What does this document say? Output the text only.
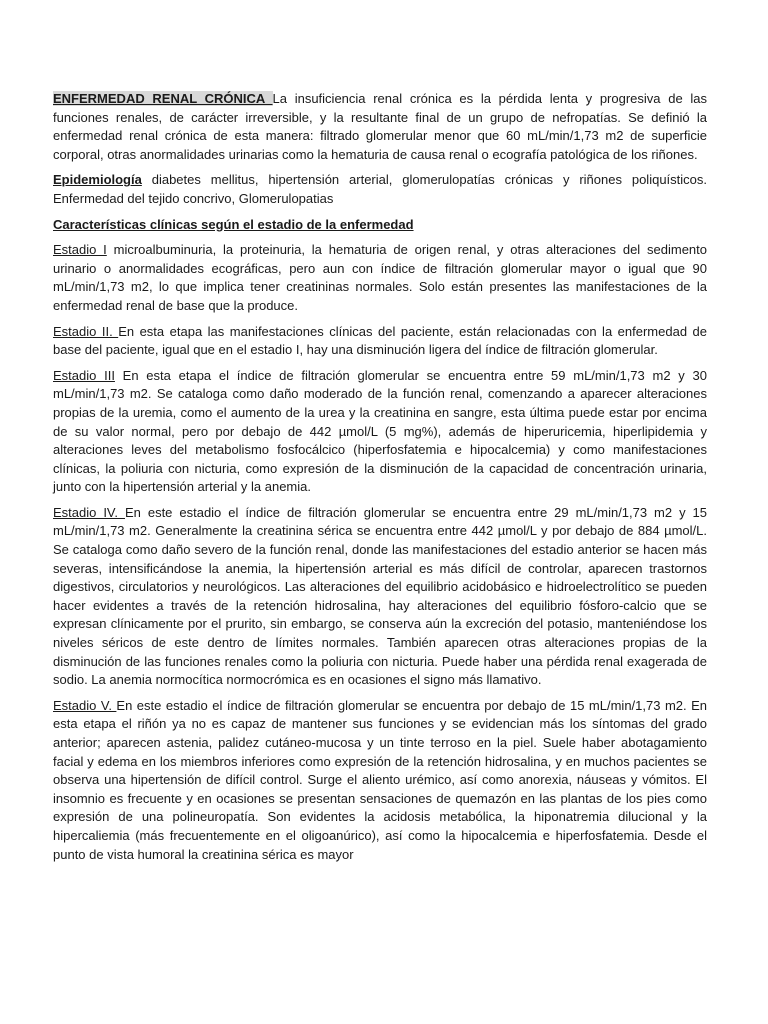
ENFERMEDAD RENAL CRÓNICA La insuficiencia renal crónica es la pérdida lenta y progresiva de las funciones renales, de carácter irreversible, y la resultante final de un grupo de nefropatías. Se definió la enfermedad renal crónica de esta manera: filtrado glomerular menor que 60 mL/min/1,73 m2 de superficie corporal, otras anormalidades urinarias como la hematuria de causa renal o ecografía patológica de los riñones.

Epidemiología diabetes mellitus, hipertensión arterial, glomerulopatías crónicas y riñones poliquísticos. Enfermedad del tejido concrivo, Glomerulopatias

Características clínicas según el estadio de la enfermedad

Estadio I microalbuminuria, la proteinuria, la hematuria de origen renal, y otras alteraciones del sedimento urinario o anormalidades ecográficas, pero aun con índice de filtración glomerular mayor o igual que 90 mL/min/1,73 m2, lo que implica tener creatininas normales. Solo están presentes las manifestaciones de la enfermedad renal de base que la produce.

Estadio II. En esta etapa las manifestaciones clínicas del paciente, están relacionadas con la enfermedad de base del paciente, igual que en el estadio I, hay una disminución ligera del índice de filtración glomerular.

Estadio III En esta etapa el índice de filtración glomerular se encuentra entre 59 mL/min/1,73 m2 y 30 mL/min/1,73 m2. Se cataloga como daño moderado de la función renal, comenzando a aparecer alteraciones propias de la uremia, como el aumento de la urea y la creatinina en sangre, esta última puede estar por encima de su valor normal, pero por debajo de 442 µmol/L (5 mg%), además de hiperuricemia, hiperlipidemia y alteraciones leves del metabolismo fosfocálcico (hiperfosfatemia e hipocalcemia) y como manifestaciones clínicas, la poliuria con nicturia, como expresión de la disminución de la capacidad de concentración urinaria, junto con la hipertensión arterial y la anemia.

Estadio IV. En este estadio el índice de filtración glomerular se encuentra entre 29 mL/min/1,73 m2 y 15 mL/min/1,73 m2. Generalmente la creatinina sérica se encuentra entre 442 µmol/L y por debajo de 884 µmol/L. Se cataloga como daño severo de la función renal, donde las manifestaciones del estadio anterior se hacen más severas, intensificándose la anemia, la hipertensión arterial es más difícil de controlar, aparecen trastornos digestivos, circulatorios y neurológicos. Las alteraciones del equilibrio acidobásico e hidroelectrolítico se pueden hacer evidentes a través de la retención hidrosalina, hay alteraciones del equilibrio fósforo-calcio que se expresan clínicamente por el prurito, sin embargo, se conserva aún la excreción del potasio, manteniéndose los niveles séricos de este dentro de límites normales. También aparecen otras alteraciones propias de la disminución de las funciones renales como la poliuria con nicturia. Puede haber una pérdida renal exagerada de sodio. La anemia normocítica normocrómica es en ocasiones el signo más llamativo.

Estadio V. En este estadio el índice de filtración glomerular se encuentra por debajo de 15 mL/min/1,73 m2. En esta etapa el riñón ya no es capaz de mantener sus funciones y se evidencian más los síntomas del grado anterior; aparecen astenia, palidez cutáneo-mucosa y un tinte terroso en la piel. Suele haber abotagamiento facial y edema en los miembros inferiores como expresión de la retención hidrosalina, y en muchos pacientes se observa una hipertensión de difícil control. Surge el aliento urémico, así como anorexia, náuseas y vómitos. El insomnio es frecuente y en ocasiones se presentan sensaciones de quemazón en las plantas de los pies como expresión de una polineuropatía. Son evidentes la acidosis metabólica, la hiponatremia dilucional y la hipercaliemia (más frecuentemente en el oligoanúrico), así como la hipocalcemia e hiperfosfatemia. Desde el punto de vista humoral la creatinina sérica es mayor
